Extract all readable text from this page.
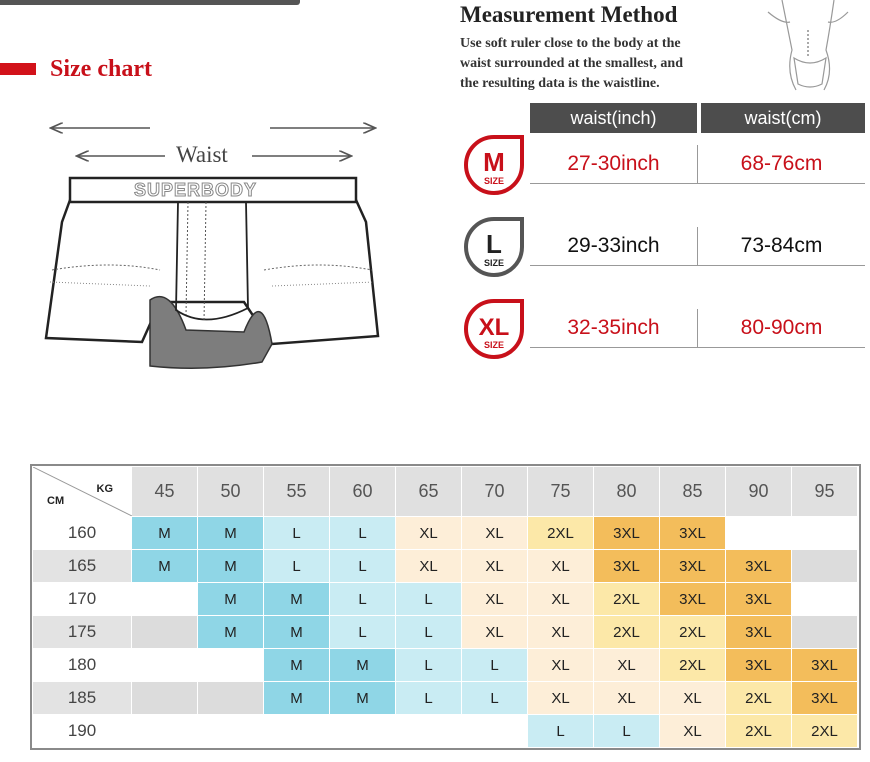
Size chart
Waist
SUPERBODY
Measurement Method

Use soft ruler close to the body at the
waist surrounded at the smallest, and
the resulting data is the waistline.

waist(inch)	waist(cm)
M
SIZE
27-30inch	68-76cm
L
SIZE
29-33inch	73-84cm
XL
SIZE
32-35inch	80-90cm
KG
CM	45	50	55	60	65	70	75	80	85	90	95
160	M	M	L	L	XL	XL	2XL	3XL	3XL		
165	M	M	L	L	XL	XL	XL	3XL	3XL	3XL	
170		M	M	L	L	XL	XL	2XL	3XL	3XL	
175		M	M	L	L	XL	XL	2XL	2XL	3XL	
180			M	M	L	L	XL	XL	2XL	3XL	3XL
185			M	M	L	L	XL	XL	XL	2XL	3XL
190							L	L	XL	2XL	2XL
